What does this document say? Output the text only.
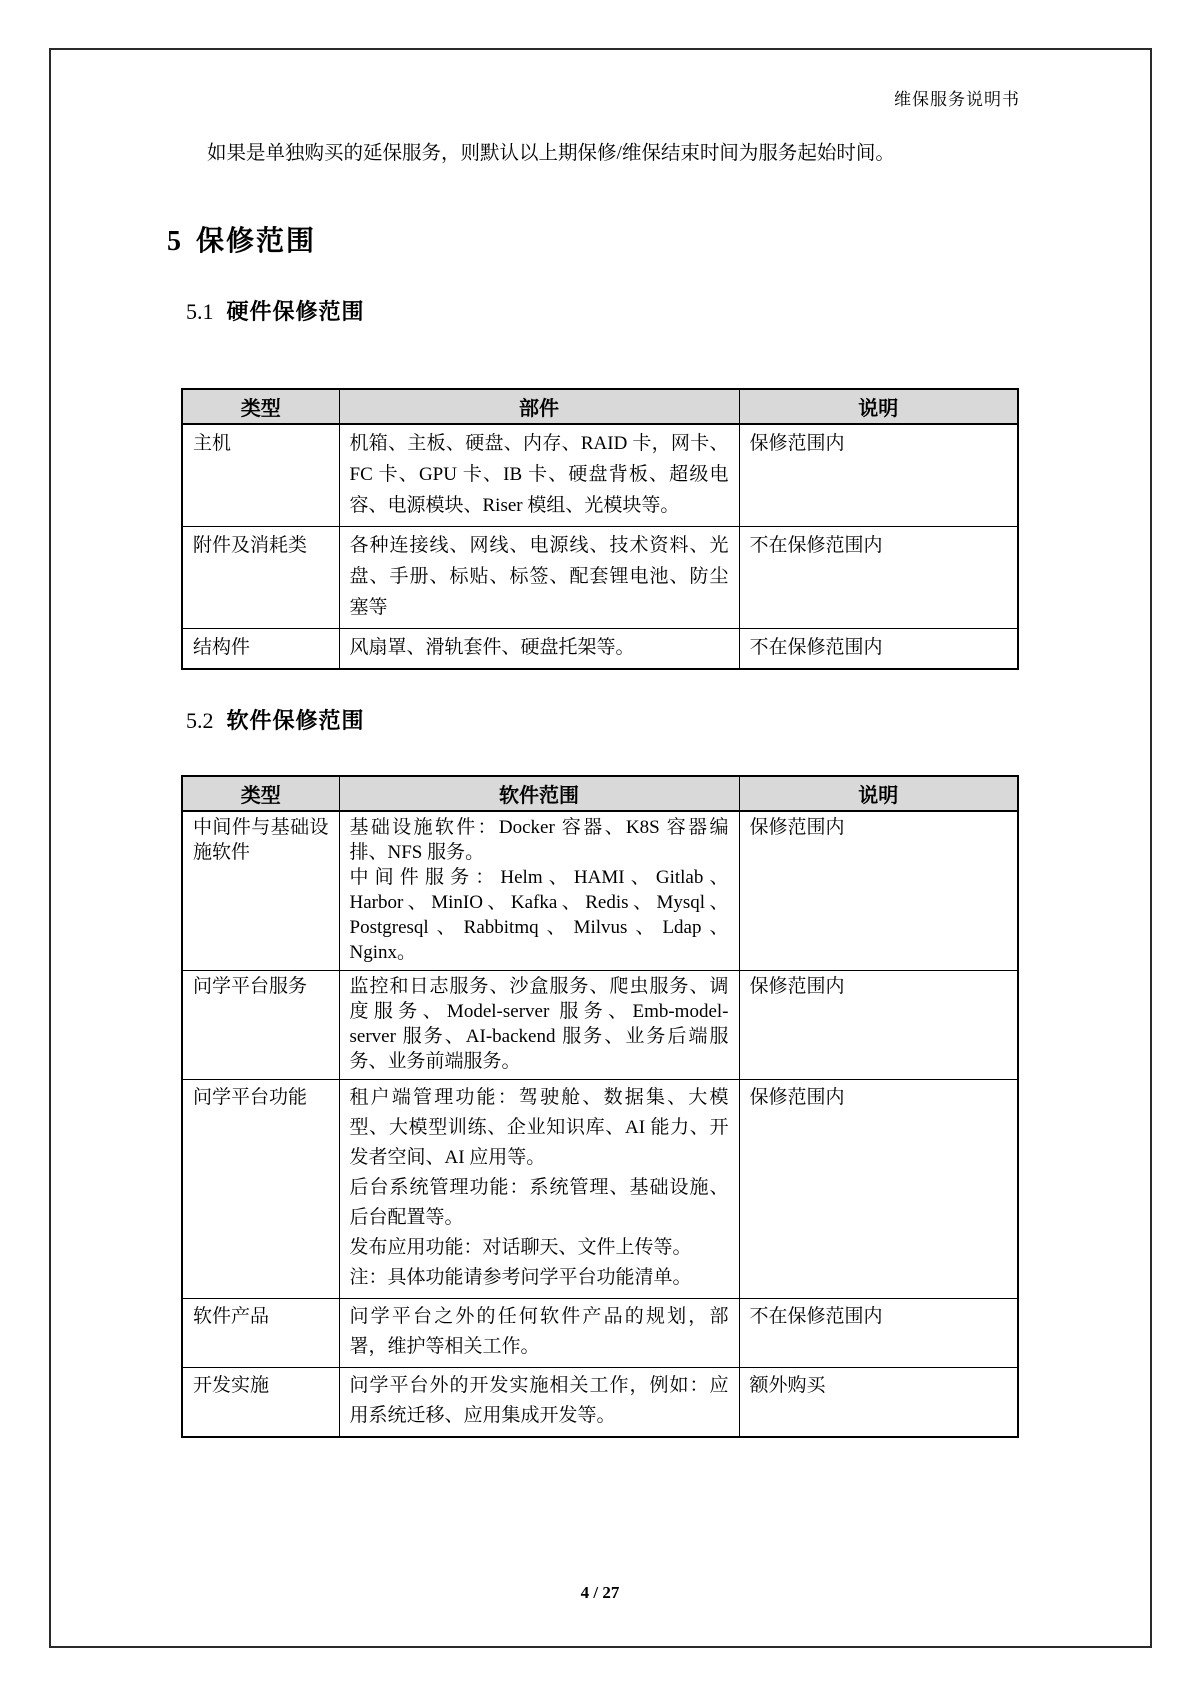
维保服务说明书
如果是单独购买的延保服务，则默认以上期保修/维保结束时间为服务起始时间。
5 保修范围
5.1 硬件保修范围
类型	部件	说明
主机	机箱、主板、硬盘、内存、RAID 卡，网卡、FC 卡、GPU 卡、IB 卡、硬盘背板、超级电容、电源模块、Riser 模组、光模块等。	保修范围内
附件及消耗类	各种连接线、网线、电源线、技术资料、光盘、手册、标贴、标签、配套锂电池、防尘塞等	不在保修范围内
结构件	风扇罩、滑轨套件、硬盘托架等。	不在保修范围内
5.2 软件保修范围
类型	软件范围	说明
中间件与基础设施软件	基础设施软件：Docker 容器、K8S 容器编排、NFS 服务。
中间件服务：Helm、HAMI、Gitlab、Harbor、MinIO、Kafka、Redis、Mysql、Postgresql、Rabbitmq、Milvus、Ldap、Nginx。	保修范围内
问学平台服务	监控和日志服务、沙盒服务、爬虫服务、调度服务、Model-server 服务、Emb-model-server 服务、AI-backend 服务、业务后端服务、业务前端服务。	保修范围内
问学平台功能	租户端管理功能：驾驶舱、数据集、大模型、大模型训练、企业知识库、AI 能力、开发者空间、AI 应用等。
后台系统管理功能：系统管理、基础设施、后台配置等。
发布应用功能：对话聊天、文件上传等。
注：具体功能请参考问学平台功能清单。	保修范围内
软件产品	问学平台之外的任何软件产品的规划，部署，维护等相关工作。	不在保修范围内
开发实施	问学平台外的开发实施相关工作，例如：应用系统迁移、应用集成开发等。	额外购买
4 / 27
